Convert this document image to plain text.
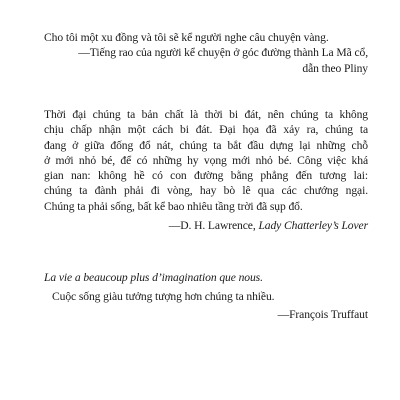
Cho tôi một xu đồng và tôi sẽ kể người nghe câu chuyện vàng.
—Tiếng rao của người kể chuyện ở góc đường thành La Mã cổ,
dẫn theo Pliny
Thời đại chúng ta bản chất là thời bi đát, nên chúng ta không
chịu chấp nhận một cách bi đát. Đại họa đã xảy ra, chúng ta
đang ở giữa đống đổ nát, chúng ta bắt đầu dựng lại những chỗ
ở mới nhỏ bé, để có những hy vọng mới nhỏ bé. Công việc khá
gian nan: không hề có con đường bằng phẳng đến tương lai:
chúng ta đành phải đi vòng, hay bò lê qua các chướng ngại.
Chúng ta phải sống, bất kể bao nhiêu tầng trời đã sụp đổ.
—D. H. Lawrence, Lady Chatterley’s Lover
La vie a beaucoup plus d’imagination que nous.
Cuộc sống giàu tưởng tượng hơn chúng ta nhiều.
—François Truffaut
